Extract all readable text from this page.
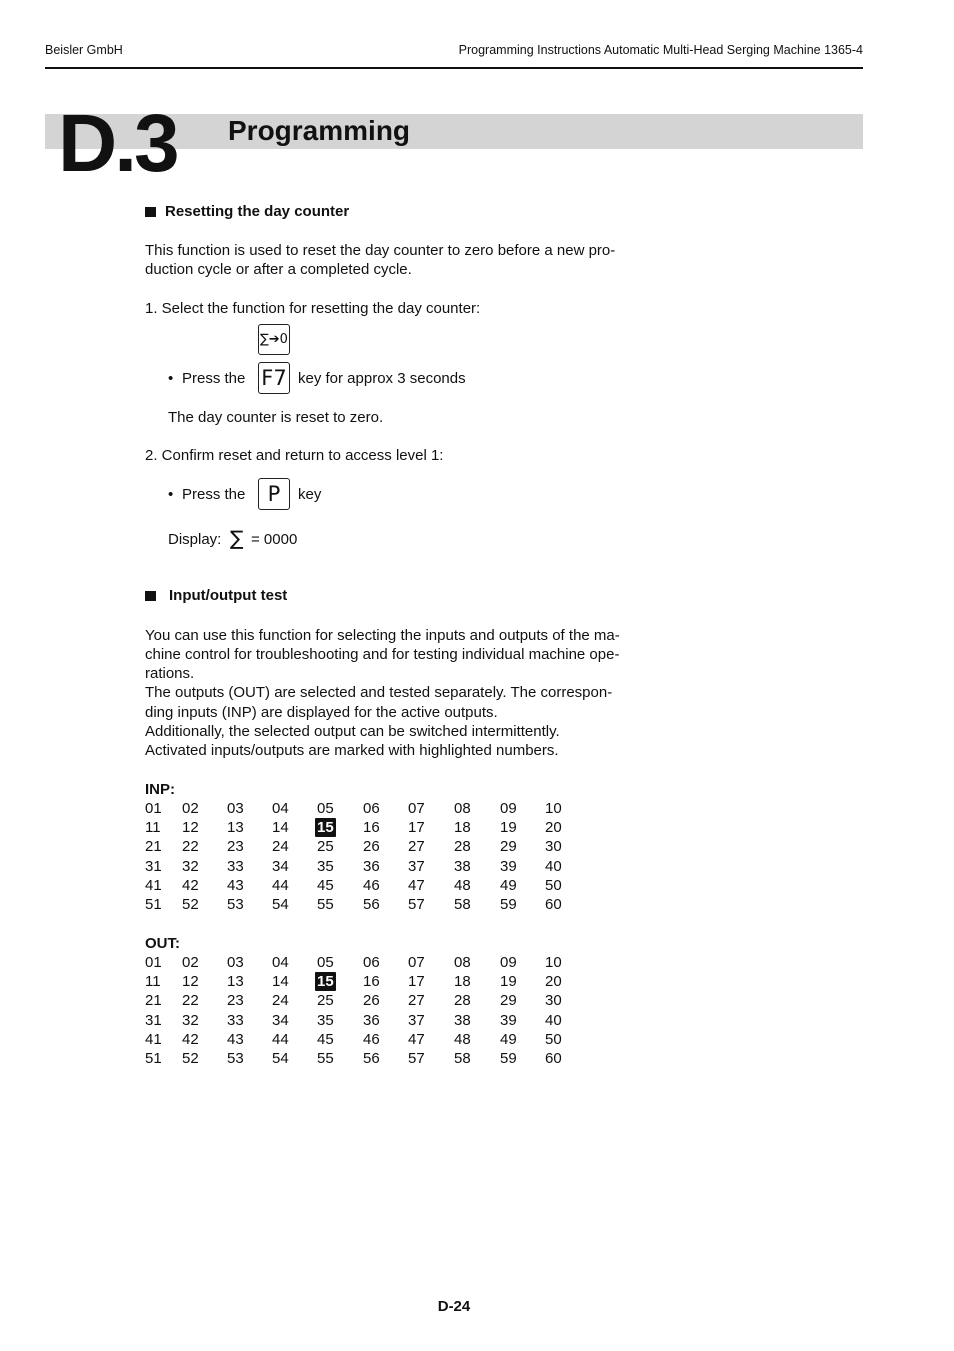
Beisler GmbH	Programming Instructions Automatic Multi-Head Serging Machine 1365-4
D.3 Programming
Resetting the day counter
This function is used to reset the day counter to zero before a new pro-
duction cycle or after a completed cycle.
1. Select the function for resetting the day counter:
∑➔0
• Press the F7 key for approx 3 seconds
The day counter is reset to zero.
2. Confirm reset and return to access level 1:
• Press the	P	key
Display: ∑ = 0000
Input/output test
You can use this function for selecting the inputs and outputs of the ma-
chine control for troubleshooting and for testing individual machine ope-
rations.
The outputs (OUT) are selected and tested separately. The correspon-
ding inputs (INP) are displayed for the active outputs.
Additionally, the selected output can be switched intermittently.
Activated inputs/outputs are marked with highlighted numbers.
INP:
01 02 03 04 05 06 07 08 09 10
11 12 13 14 15 16 17 18 19 20
21 22 23 24 25 26 27 28 29 30
31 32 33 34 35 36 37 38 39 40
41 42 43 44 45 46 47 48 49 50
51 52 53 54 55 56 57 58 59 60
OUT:
01 02 03 04 05 06 07 08 09 10
11 12 13 14 15 16 17 18 19 20
21 22 23 24 25 26 27 28 29 30
31 32 33 34 35 36 37 38 39 40
41 42 43 44 45 46 47 48 49 50
51 52 53 54 55 56 57 58 59 60
D-24
